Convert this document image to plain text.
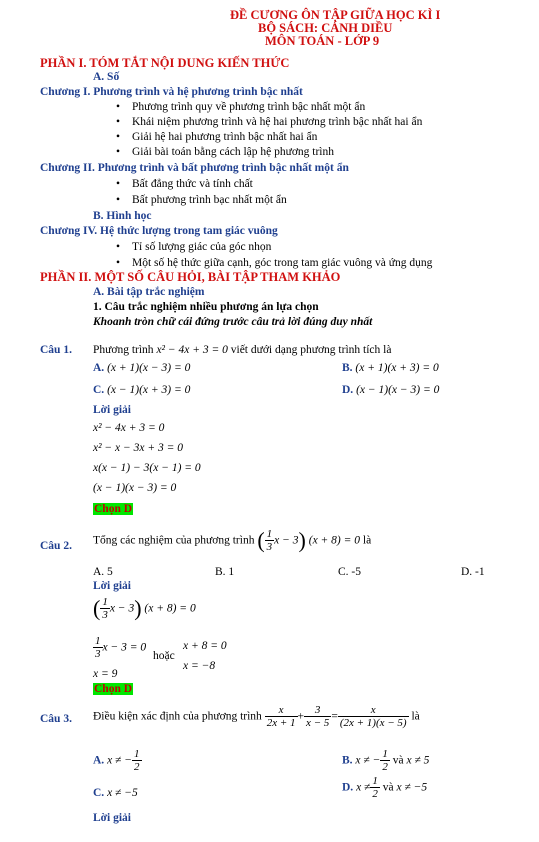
ĐỀ CƯƠNG ÔN TẬP GIỮA HỌC KÌ I
BỘ SÁCH: CÁNH DIỀU
MÔN TOÁN - LỚP 9
PHẦN I. TÓM TẮT NỘI DUNG KIẾN THỨC
A. Số
Chương I. Phương trình và hệ phương trình bậc nhất
• Phương trình quy về phương trình bậc nhất một ẩn
• Khái niệm phương trình và hệ hai phương trình bậc nhất hai ẩn
• Giải hệ hai phương trình bậc nhất hai ẩn
• Giải bài toán bằng cách lập hệ phương trình
Chương II. Phương trình và bất phương trình bậc nhất một ẩn
• Bất đẳng thức và tính chất
• Bất phương trình bạc nhất một ẩn
B. Hình học
Chương IV. Hệ thức lượng trong tam giác vuông
• Tỉ số lượng giác của góc nhọn
• Một số hệ thức giữa cạnh, góc trong tam giác vuông và ứng dụng
PHẦN II. MỘT SỐ CÂU HỎI, BÀI TẬP THAM KHẢO
A. Bài tập trắc nghiệm
1. Câu trắc nghiệm nhiều phương án lựa chọn
Khoanh tròn chữ cái đứng trước câu trả lời đúng duy nhất
Câu 1. Phương trình x² − 4x + 3 = 0 viết dưới dạng phương trình tích là
A. (x + 1)(x − 3) = 0	B. (x + 1)(x + 3) = 0
C. (x − 1)(x + 3) = 0	D. (x − 1)(x − 3) = 0
Lời giải
x² − 4x + 3 = 0
x² − x − 3x + 3 = 0
x(x − 1) − 3(x − 1) = 0
(x − 1)(x − 3) = 0
Chọn D
Câu 2. Tổng các nghiệm của phương trình ( $\frac{1}{3}$ x − 3) (x + 8) = 0 là
A. 5	B. 1	C. -5	D. -1
Lời giải
( $\frac{1}{3}$ x − 3) (x + 8) = 0
$\frac{1}{3}$ x − 3 = 0
hoặc
x + 8 = 0
x = −8
x = 9
Chọn D
Câu 3. Điều kiện xác định của phương trình $\frac{x}{2x + 1} + \frac{3}{x - 5} = \frac{x}{(2x + 1)(x - 5)}$ là
A. x ≠ − $\frac{1}{2}$	B. x ≠ − $\frac{1}{2}$ và x ≠ 5
C. x ≠ −5	D. $x \ne \frac{1}{2}$ và x ≠ −5
Lời giải
